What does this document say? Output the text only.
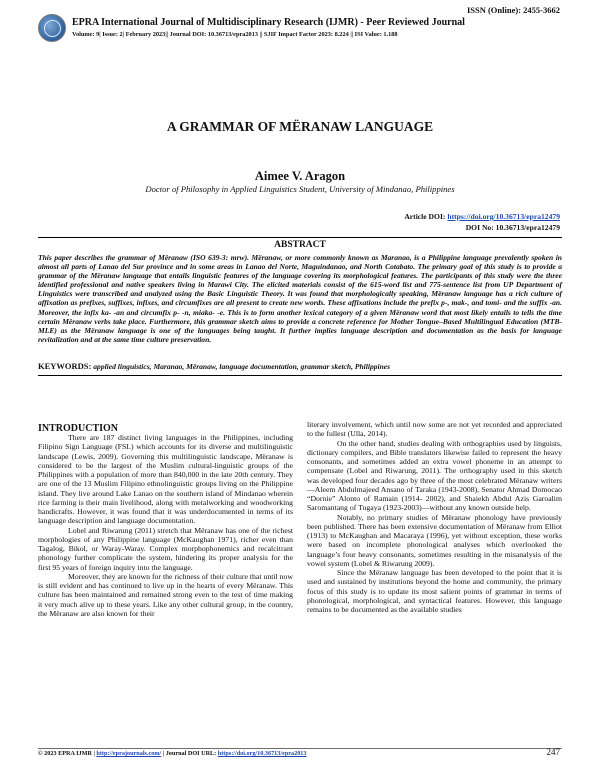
ISSN (Online): 2455-3662
EPRA International Journal of Multidisciplinary Research (IJMR) - Peer Reviewed Journal
Volume: 9| Issue: 2| February 2023|| Journal DOI: 10.36713/epra2013 || SJIF Impact Factor 2023: 8.224 || ISI Value: 1.188
A GRAMMAR OF MËRANAW LANGUAGE
Aimee V. Aragon
Doctor of Philosophy in Applied Linguistics Student, University of Mindanao, Philippines
Article DOI: https://doi.org/10.36713/epra12479
DOI No: 10.36713/epra12479
ABSTRACT

This paper describes the grammar of Mëranaw (ISO 639-3: mrw). Mëranaw, or more commonly known as Maranao, is a Philippine language prevalently spoken in almost all parts of Lanao del Sur province and in some areas in Lanao del Norte, Maguindanao, and North Cotabato. The primary goal of this study is to provide a grammar of the Mëranaw language that entails linguistic features of the language covering its morphological features. The participants of this study were the three identified professional and native speakers living in Marawi City. The elicited materials consist of the 615-word list and 775-sentence list from UP Department of Linguistics were transcribed and analyzed using the Basic Linguistic Theory. It was found that morphologically speaking, Mëranaw language has a rich culture of affixation as prefixes, suffixes, infixes, and circumfixes are all present to create new words. These affixations include the prefix p-, mak-, and tomi- and the suffix -an. Moreover, the infix ka- -an and circumfix p- -n, miaka- -e. This is to form another lexical category of a given Mëranaw word that most likely entails to tells the time certain Mëranaw verbs take place. Furthermore, this grammar sketch aims to provide a concrete reference for Mother Tongue–Based Multilingual Education (MTB-MLE) as the Mëranaw language is one of the languages being taught. It further implies language description and documentation as the basis for language revitalization and at the same time culture preservation.

KEYWORDS: applied linguistics, Maranao, Mëranaw, language documentation, grammar sketch, Philippines

INTRODUCTION

There are 187 distinct living languages in the Philippines, including Filipino Sign Language (FSL) which accounts for its diverse and multilinguistic landscape (Lewis, 2009). Governing this multilinguistic landscape, Mëranaw is considered to be the largest of the Muslim cultural-linguistic groups of the Philippines with a population of more than 840,000 in the late 20th century. They are one of the 13 Muslim Filipino ethnolinguistic groups living on the Philippine island. They live around Lake Lanao on the southern island of Mindanao wherein rice farming is their main livelihood, along with metalworking and woodworking handicrafts. However, it was found that it was underdocumented in terms of its language description and language documentation.

Lobel and Riwarung (2011) stretch that Mëranaw has one of the richest morphologies of any Philippine language (McKaughan 1971), richer even than Tagalog, Bikol, or Waray-Waray. Complex morphophonemics and recalcitrant phonology further complicate the system, hindering its proper analysis for the first 95 years of foreign inquiry into the language.

Moreover, they are known for the richness of their culture that until now is still evident and has continued to live up in the hearts of every Mëranaw. This culture has been maintained and remained strong even to the test of time making it very much alive up to these years. Like any other cultural group, in the country, the Mëranaw are also known for their

literary involvement, which until now some are not yet recorded and appreciated to the fullest (Ulla, 2014).

On the other hand, studies dealing with orthographies used by linguists, dictionary compilers, and Bible translators likewise failed to represent the heavy consonants, and sometimes added an extra vowel phoneme in an attempt to compensate (Lobel and Riwarung, 2011). The orthography used in this sketch was developed four decades ago by three of the most celebrated Mëranaw writers—Aleem Abdulmajeed Ansano of Taraka (1943-2008), Senator Ahmad Domocao “Dornie” Alonto of Ramain (1914- 2002), and Shaiekh Abdul Azis Garoalim Saromantang of Tugaya (1923-2003)—without any known outside help.

Notably, no primary studies of Mëranaw phonology have previously been published. There has been extensive documentation of Mëranaw from Elliot (1913) to McKaughan and Macaraya (1996), yet without exception, these works were based on incomplete phonological analyses which overlooked the language’s four heavy consonants, sometimes resulting in the misanalysis of the vowel system (Lobel & Riwarung 2009).

Since the Mëranaw language has been developed to the point that it is used and sustained by institutions beyond the home and community, the primary focus of this study is to update its most salient points of grammar in terms of phonological, morphological, and syntactical features. However, this language remains to be documented as the available studies

© 2023 EPRA IJMR | http://eprajournals.com/ | Journal DOI URL: https://doi.org/10.36713/epra2013	247
